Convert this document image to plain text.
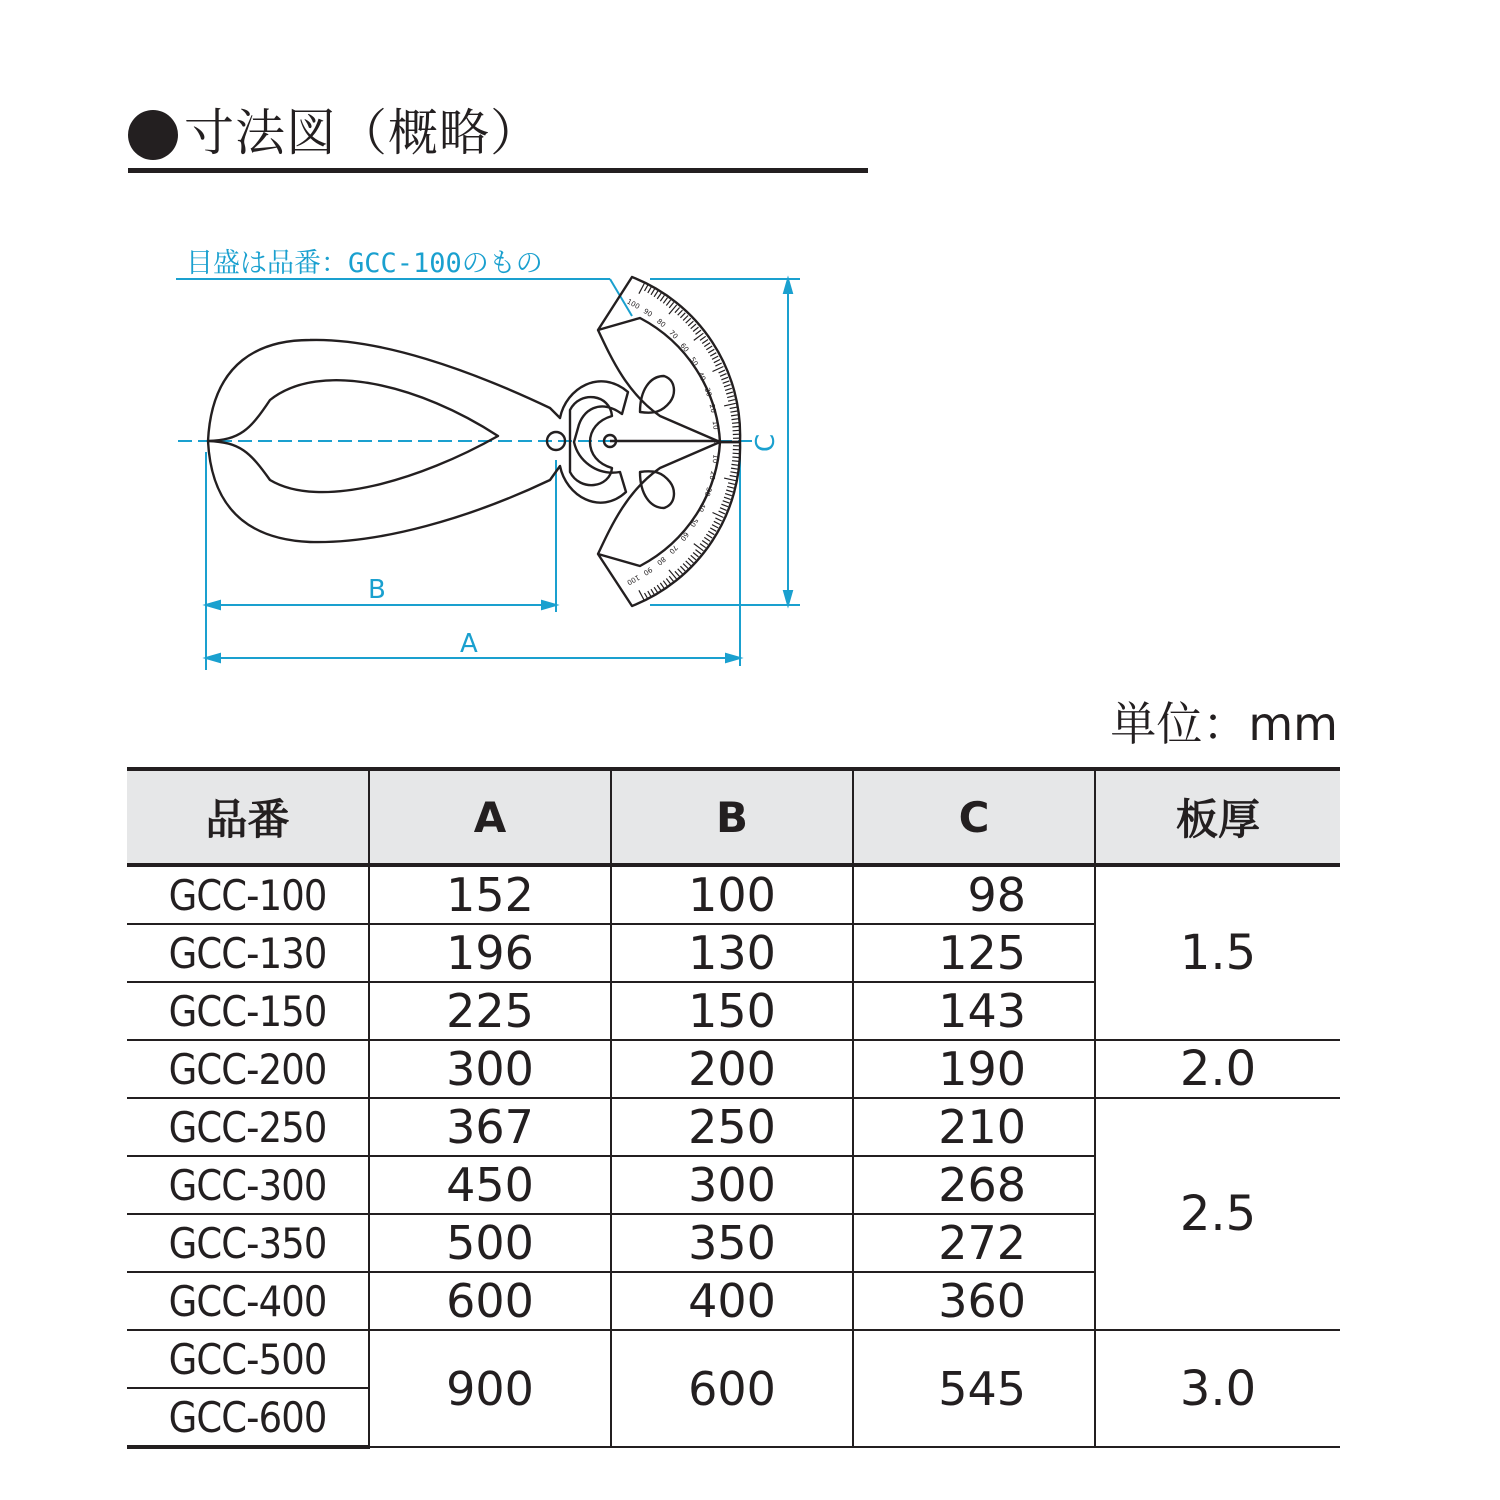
寸法図（概略）
目盛は品番：GCC-100のもの
B
A
C
100
90
80
70
60
50
40
30
20
10
0
10
20
30
40
50
60
70
80
90
100
単位：mm
品番	A	B	C	板厚
GCC-100	152	100	98	1.5
GCC-130	196	130	125	
GCC-150	225	150	143	
GCC-200	300	200	190	2.0
GCC-250	367	250	210	2.5
GCC-300	450	300	268	
GCC-350	500	350	272	
GCC-400	600	400	360	
GCC-500	900	600	545	3.0
GCC-600				
